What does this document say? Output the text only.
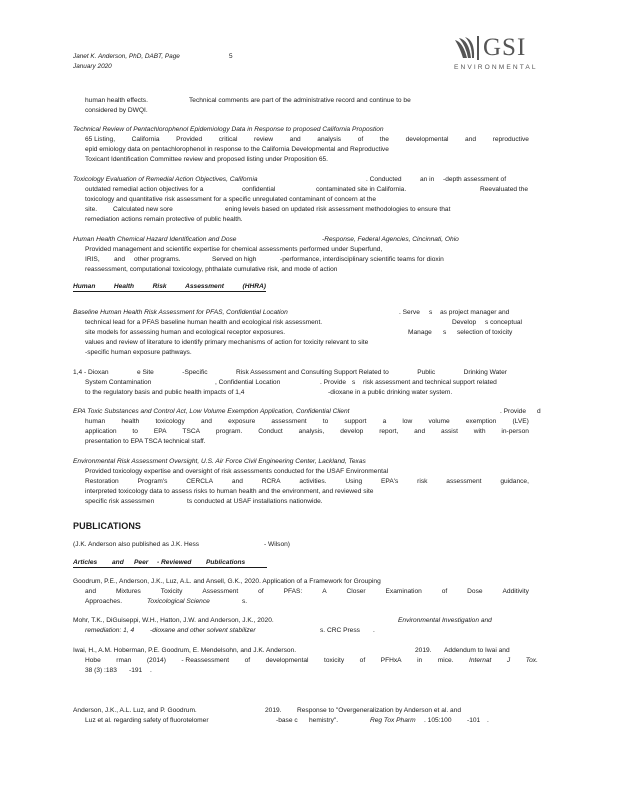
Janet K. Anderson, PhD, DABT, Page	5
January 2020
GSI
ENVIRONMENTAL
human health effects.	Technical comments are part of the administrative record and continue to be
considered by DWQI.
Technical Review of Pentachlorophenol Epidemiology Data in Response to proposed California Propostion
65 Listing,	California	Provided	critical	review	and	analysis	of	the	developmental	and	reproductive
epid emiology data on pentachlorophenol in response to the California Developmental and Reproductive
Toxicant Identification Committee review and proposed listing under Proposition 65.
Toxicology Evaluation of Remedial Action Objectives, California	. Conducted	an in -depth assessment of
outdated remedial action objectives for a	confidential	contaminated site in California.	Reevaluated the
toxicology and quantitative risk assessment for a specific unregulated contaminant of concern at the
site. Calculated new sore	ening levels based on updated risk assessment methodologies to ensure that
remediation actions remain protective of public health.
Human Health Chemical Hazard Identification and Dose	-Response, Federal Agencies, Cincinnati, Ohio
Provided management and scientific expertise for chemical assessments performed under Superfund,
IRIS, and other programs.	Served on high	-performance, interdisciplinary scientific teams for dioxin
reassessment, computational toxicology, phthalate cumulative risk, and mode of action
Human	Health	Risk	Assessment	(HHRA)
Baseline Human Health Risk Assessment for PFAS, Confidential Location	. Serve s as project manager and
technical lead for a PFAS baseline human health and ecological risk assessment.	Develop s conceptual
site models for assessing human and ecological receptor exposures.	Manage s selection of toxicity
values and review of literature to identify primary mechanisms of action for toxicity relevant to site
-specific human exposure pathways.
1,4 - Dioxan	e Site	-Specific	Risk Assessment and Consulting Support Related to	Public	Drinking Water
System Contamination	, Confidential Location	. Provide s risk assessment and technical support related
to the regulatory basis and public health impacts of 1,4	-dioxane in a public drinking water system.
EPA Toxic Substances and Control Act, Low Volume Exemption Application, Confidential Client	. Provide d
human health toxicology and exposure assessment to support a low volume exemption (LVE)
application to EPA TSCA program. Conduct analysis, develop report, and assist with in-person
presentation to EPA TSCA technical staff.
Environmental Risk Assessment Oversight, U.S. Air Force Civil Engineering Center, Lackland, Texas
Provided toxicology expertise and oversight of risk assessments conducted for the USAF Environmental
Restoration	Program's	CERCLA	and	RCRA	activities.	Using	EPA's	risk	assessment	guidance,
interpreted toxicology data to assess risks to human health and the environment, and reviewed site
specific risk assessmen	ts conducted at USAF installations nationwide.
PUBLICATIONS
(J.K. Anderson also published as J.K. Hess	- Wilson)
Articles and Peer - Reviewed Publications
Goodrum, P.E., Anderson, J.K., Luz, A.L. and Ansell, G.K., 2020. Application of a Framework for Grouping
and	Mixtures	Toxicity	Assessment	of	PFAS:	A	Closer	Examination	of	Dose	Additivity
Approaches.	Toxicological Science	s.
Mohr, T.K., DiGuiseppi, W.H., Hatton, J.W. and Anderson, J.K., 2020.	Environmental Investigation and
remediation: 1, 4 -dioxane and other solvent stabilizer	s. CRC Press .
Iwai, H., A.M. Hoberman, P.E. Goodrum, E. Mendelsohn, and J.K. Anderson.	2019. Addendum to Iwai and
Hobe rman (2014) - Reassessment of developmental toxicity of PFHxA in mice. Internat J Tox.
38 (3) :183 -191 .
Anderson, J.K., A.L. Luz, and P. Goodrum.	2019. Response to "Overgeneralization by Anderson et al. and
Luz et al. regarding safety of fluorotelomer	-base c hemistry".	Reg Tox Pharm . 105:100 -101 .
